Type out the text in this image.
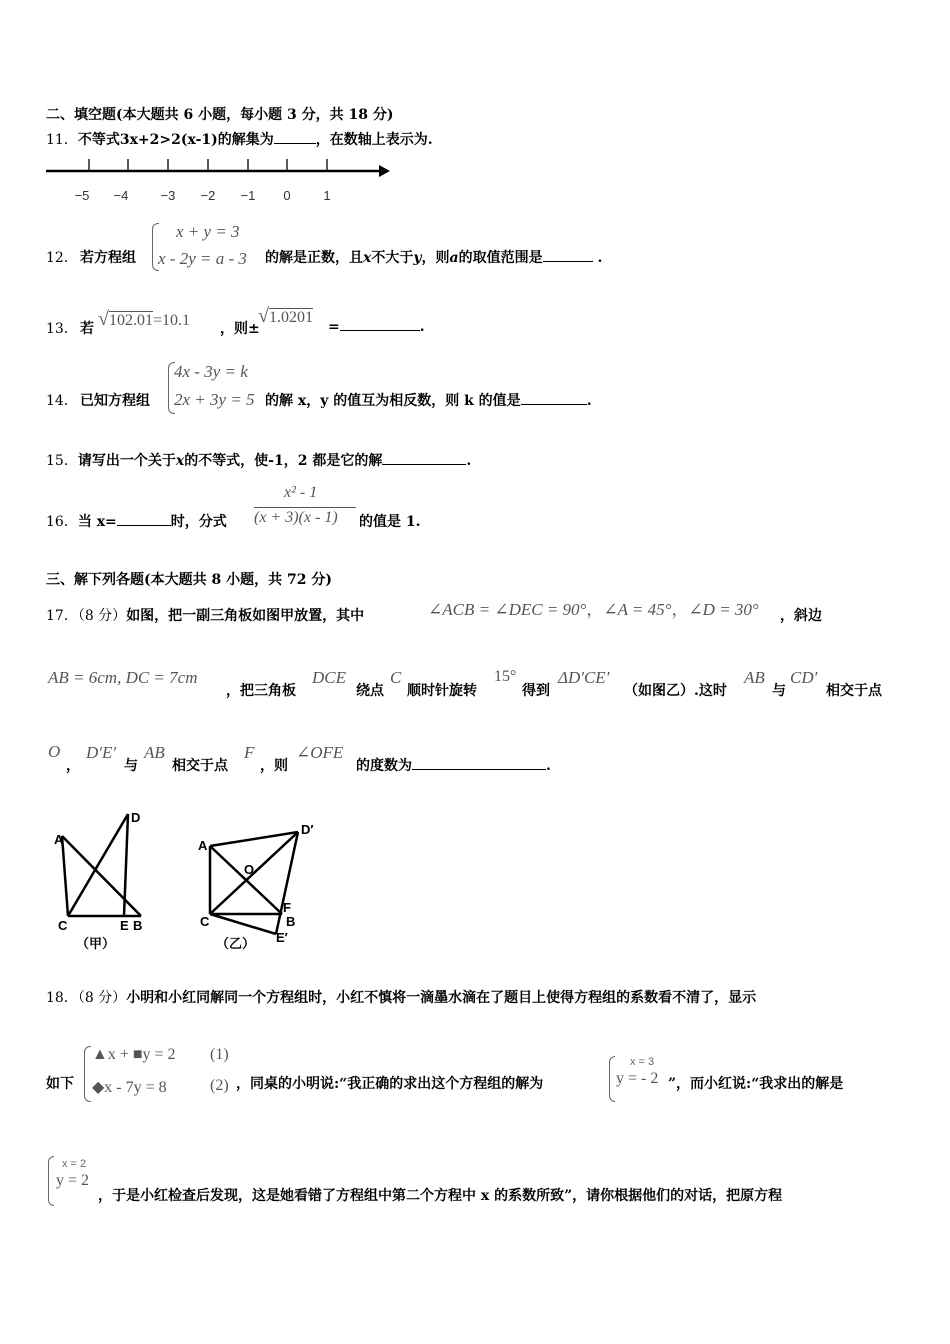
二、填空题(本大题共 6 小题，每小题 3 分，共 18 分)
11．不等式3x+2>2(x-1)的解集为	，在数轴上表示为.
−5 −4 −3 −2 −1 0	1
x + y = 3
x - 2y = a - 3
12． 若方程组	的解是正数，且x不大于y，则a的取值范围是	.
13． 若 √102.01=10.1 ，则±
√1.0201
=	.
4x - 3y = k
2x + 3y = 5
14． 已知方程组	的解 x，y 的值互为相反数，则 k 的值是	.
15．请写出一个关于x的不等式，使-1，2 都是它的解	.
16．当 x=	时，分式
x² - 1
(x + 3)(x - 1) 的值是 1.
三、解下列各题(本大题共 8 小题，共 72 分)
17．（8 分）如图，把一副三角板如图甲放置，其中	∠ACB = ∠DEC = 90°，∠A = 45°，∠D = 30° ，斜边
AB = 6cm, DC = 7cm
，把三角板
DCE
绕点
C
顺时针旋转
15°
得到
ΔD′CE′
（如图乙）.这时
AB
与
CD′
相交于点
O
，
D′E′
与
AB
相交于点
F
，则
∠OFE
的度数为	.
A
D
C	E B
（甲）
A
D′
O
F
C	B
E′
（乙）
18．（8 分）小明和小红同解同一个方程组时，小红不慎将一滴墨水滴在了题目上使得方程组的系数看不清了，显示
如下
▲x + ■y = 2 (1)
◆x - 7y = 8	(2) ，同桌的小明说:“我正确的求出这个方程组的解为
x = 3
y = - 2 ”，而小红说:“我求出的解是
x = 2
y = 2
，于是小红检查后发现，这是她看错了方程组中第二个方程中 x 的系数所致”，请你根据他们的对话，把原方程
